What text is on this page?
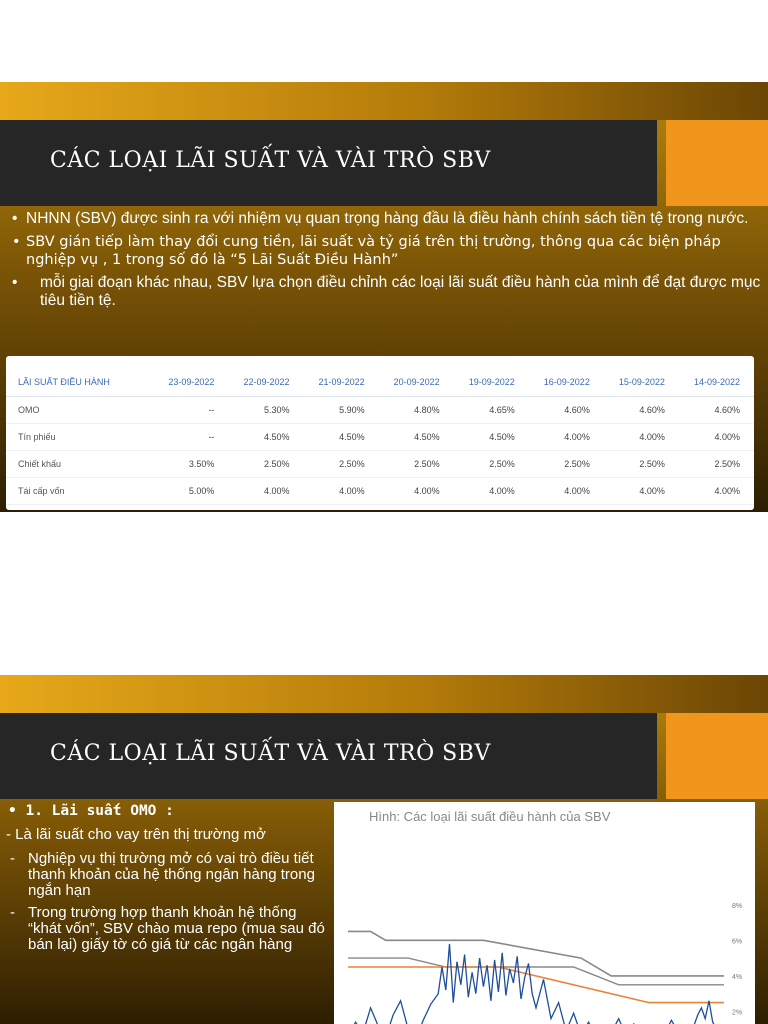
CÁC LOẠI LÃI SUẤT VÀ VÀI TRÒ SBV
• NHNN (SBV) được sinh ra với nhiệm vụ quan trọng hàng đầu là điều hành chính sách tiền tệ trong nước.
• SBV gián tiếp làm thay đổi cung tiền, lãi suất và tỷ giá trên thị trường, thông qua các biện pháp nghiệp vụ , 1 trong số đó là “5 Lãi Suất Điều Hành”
• mỗi giai đoạn khác nhau, SBV lựa chọn điều chỉnh các loại lãi suất điều hành của mình để đạt được mục tiêu tiền tệ.
LÃI SUẤT ĐIỀU HÀNH	23-09-2022	22-09-2022	21-09-2022	20-09-2022	19-09-2022	16-09-2022	15-09-2022	14-09-2022
OMO	--	5.30%	5.90%	4.80%	4.65%	4.60%	4.60%	4.60%
Tín phiếu	--	4.50%	4.50%	4.50%	4.50%	4.00%	4.00%	4.00%
Chiết khấu	3.50%	2.50%	2.50%	2.50%	2.50%	2.50%	2.50%	2.50%
Tái cấp vốn	5.00%	4.00%	4.00%	4.00%	4.00%	4.00%	4.00%	4.00%
CÁC LOẠI LÃI SUẤT VÀ VÀI TRÒ SBV
• 1. Lãi suất OMO :
- Là lãi suất cho vay trên thị trường mở
- Nghiệp vụ thị trường mở có vai trò điều tiết thanh khoản của hệ thống ngân hàng trong ngắn hạn
- Trong trường hợp thanh khoản hệ thống “khát vốn”, SBV chào mua repo (mua sau đó bán lại) giấy tờ có giá từ các ngân hàng
Hình: Các loại lãi suất điều hành của SBV
8%
6%
4%
2%
